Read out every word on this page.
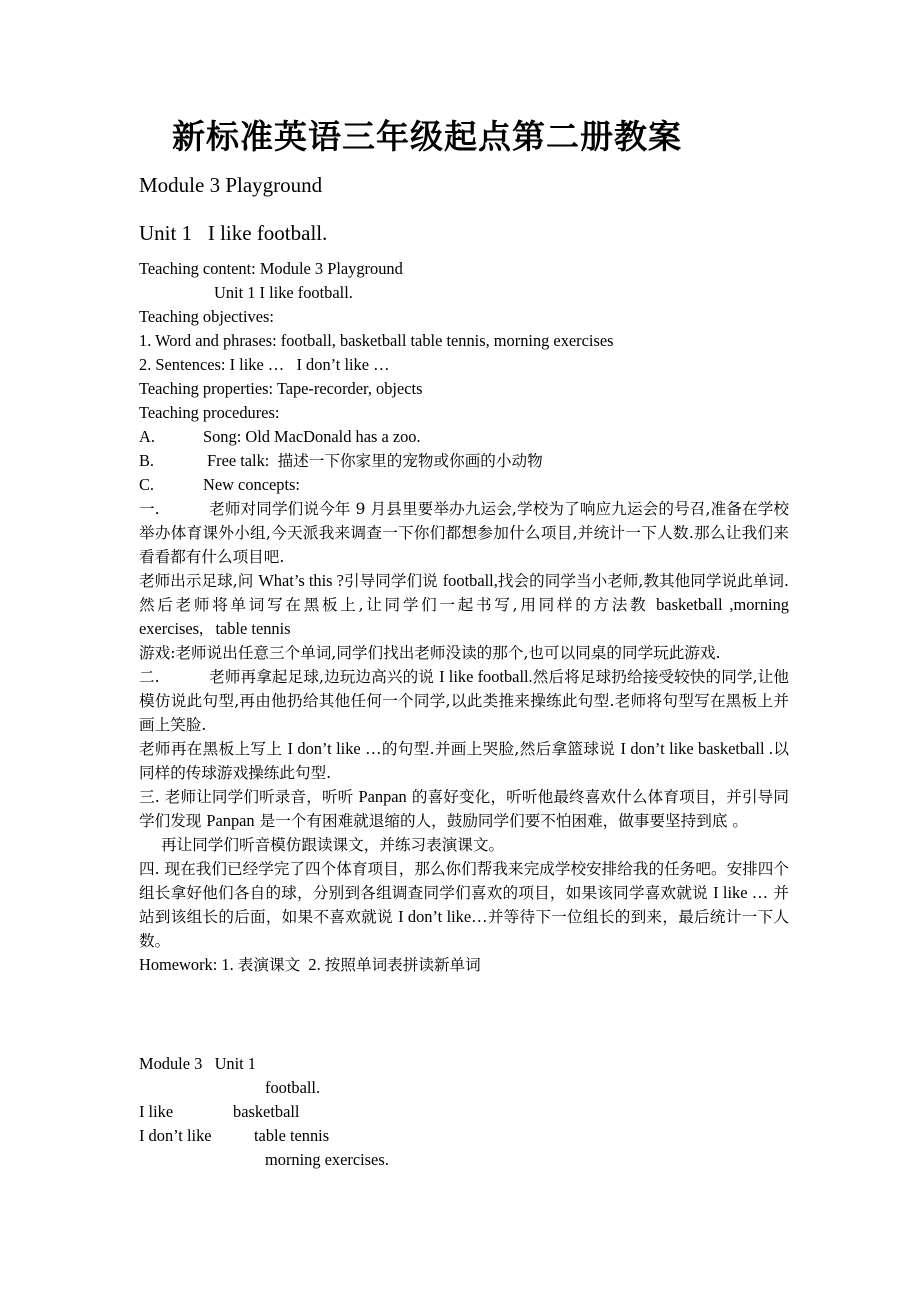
新标准英语三年级起点第二册教案
Module 3 Playground
Unit 1   I like football.
Teaching content: Module 3 Playground
Unit 1 I like football.
Teaching objectives:
1. Word and phrases: football, basketball table tennis, morning exercises
2. Sentences: I like …   I don’t like …
Teaching properties: Tape-recorder, objects
Teaching procedures:
A.	Song: Old MacDonald has a zoo.
B.	Free talk: 描述一下你家里的宠物或你画的小动物
C.	New concepts:
一.	老师对同学们说今年 9 月县里要举办九运会,学校为了响应九运会的号召,准备在学校举办体育课外小组,今天派我来调查一下你们都想参加什么项目,并统计一下人数.那么让我们来看看都有什么项目吧.
老师出示足球,问 What’s this ?引导同学们说 football,找会的同学当小老师,教其他同学说此单词.然后老师将单词写在黑板上,让同学们一起书写,用同样的方法教 basketball ,morning exercises,   table tennis
游戏:老师说出任意三个单词,同学们找出老师没读的那个,也可以同桌的同学玩此游戏.
二.	老师再拿起足球,边玩边高兴的说 I like football.然后将足球扔给接受较快的同学,让他模仿说此句型,再由他扔给其他任何一个同学,以此类推来操练此句型.老师将句型写在黑板上并画上笑脸.
老师再在黑板上写上 I don’t like …的句型.并画上哭脸,然后拿篮球说 I don’t like basketball .以同样的传球游戏操练此句型.
三. 老师让同学们听录音，听听 Panpan 的喜好变化，听听他最终喜欢什么体育项目，并引导同学们发现 Panpan 是一个有困难就退缩的人，鼓励同学们要不怕困难，做事要坚持到底 。
再让同学们听音模仿跟读课文，并练习表演课文。
四. 现在我们已经学完了四个体育项目，那么你们帮我来完成学校安排给我的任务吧。安排四个组长拿好他们各自的球，分别到各组调查同学们喜欢的项目，如果该同学喜欢就说 I like … 并站到该组长的后面，如果不喜欢就说 I don’t like…并等待下一位组长的到来，最后统计一下人数。
Homework: 1. 表演课文 2. 按照单词表拼读新单词
Module 3   Unit 1
football.
I like	basketball
I don’t like	table tennis
morning exercises.
